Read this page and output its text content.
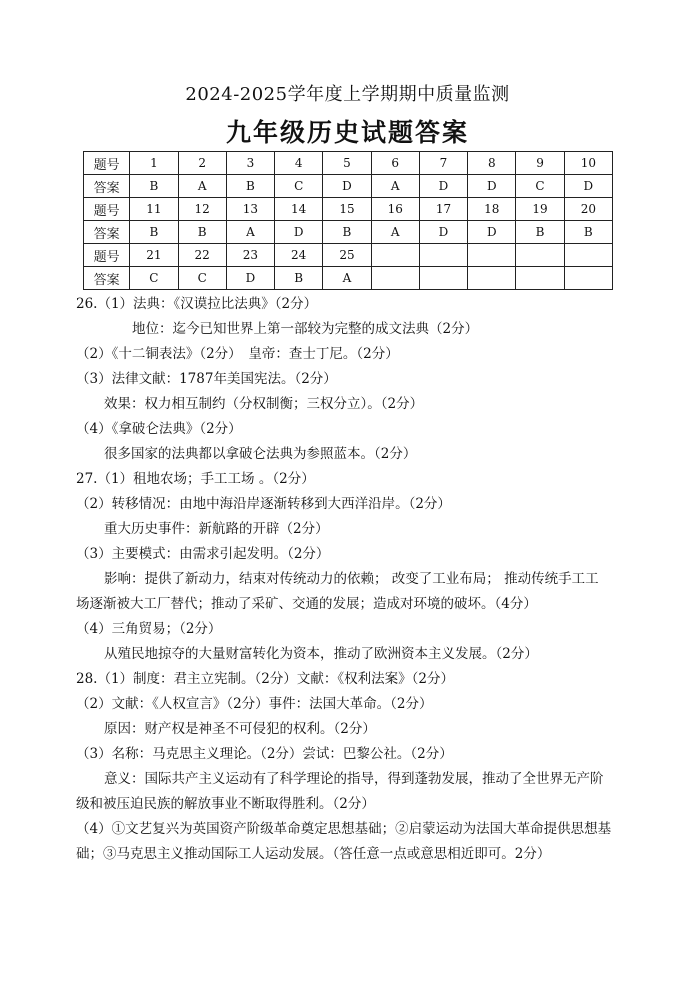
2024-2025学年度上学期期中质量监测
九年级历史试题答案
题号	1	2	3	4	5	6	7	8	9	10
答案	B	A	B	C	D	A	D	D	C	D
题号	11	12	13	14	15	16	17	18	19	20
答案	B	B	A	D	B	A	D	D	B	B
题号	21	22	23	24	25					
答案	C	C	D	B	A					
26.（1）法典：《汉谟拉比法典》（2分）
地位：迄今已知世界上第一部较为完整的成文法典（2分）
（2）《十二铜表法》（2分）　皇帝：查士丁尼。（2分）
（3）法律文献：1787年美国宪法。（2分）
效果：权力相互制约（分权制衡；三权分立）。（2分）
（4）《拿破仑法典》（2分）
很多国家的法典都以拿破仑法典为参照蓝本。（2分）
27.（1）租地农场；手工工场 。（2分）
（2）转移情况：由地中海沿岸逐渐转移到大西洋沿岸。（2分）
重大历史事件：新航路的开辟（2分）
（3）主要模式：由需求引起发明。（2分）
影响：提供了新动力，结束对传统动力的依赖； 改变了工业布局； 推动传统手工工
场逐渐被大工厂替代；推动了采矿、交通的发展；造成对环境的破坏。（4分）
（4）三角贸易；（2分）
从殖民地掠夺的大量财富转化为资本，推动了欧洲资本主义发展。（2分）
28.（1）制度：君主立宪制。（2分）文献：《权利法案》（2分）
（2）文献：《人权宣言》（2分）事件：法国大革命。（2分）
原因：财产权是神圣不可侵犯的权利。（2分）
（3）名称：马克思主义理论。（2分）尝试：巴黎公社。（2分）
意义：国际共产主义运动有了科学理论的指导，得到蓬勃发展，推动了全世界无产阶
级和被压迫民族的解放事业不断取得胜利。（2分）
（4）①文艺复兴为英国资产阶级革命奠定思想基础；②启蒙运动为法国大革命提供思想基
础；③马克思主义推动国际工人运动发展。（答任意一点或意思相近即可。2分）
